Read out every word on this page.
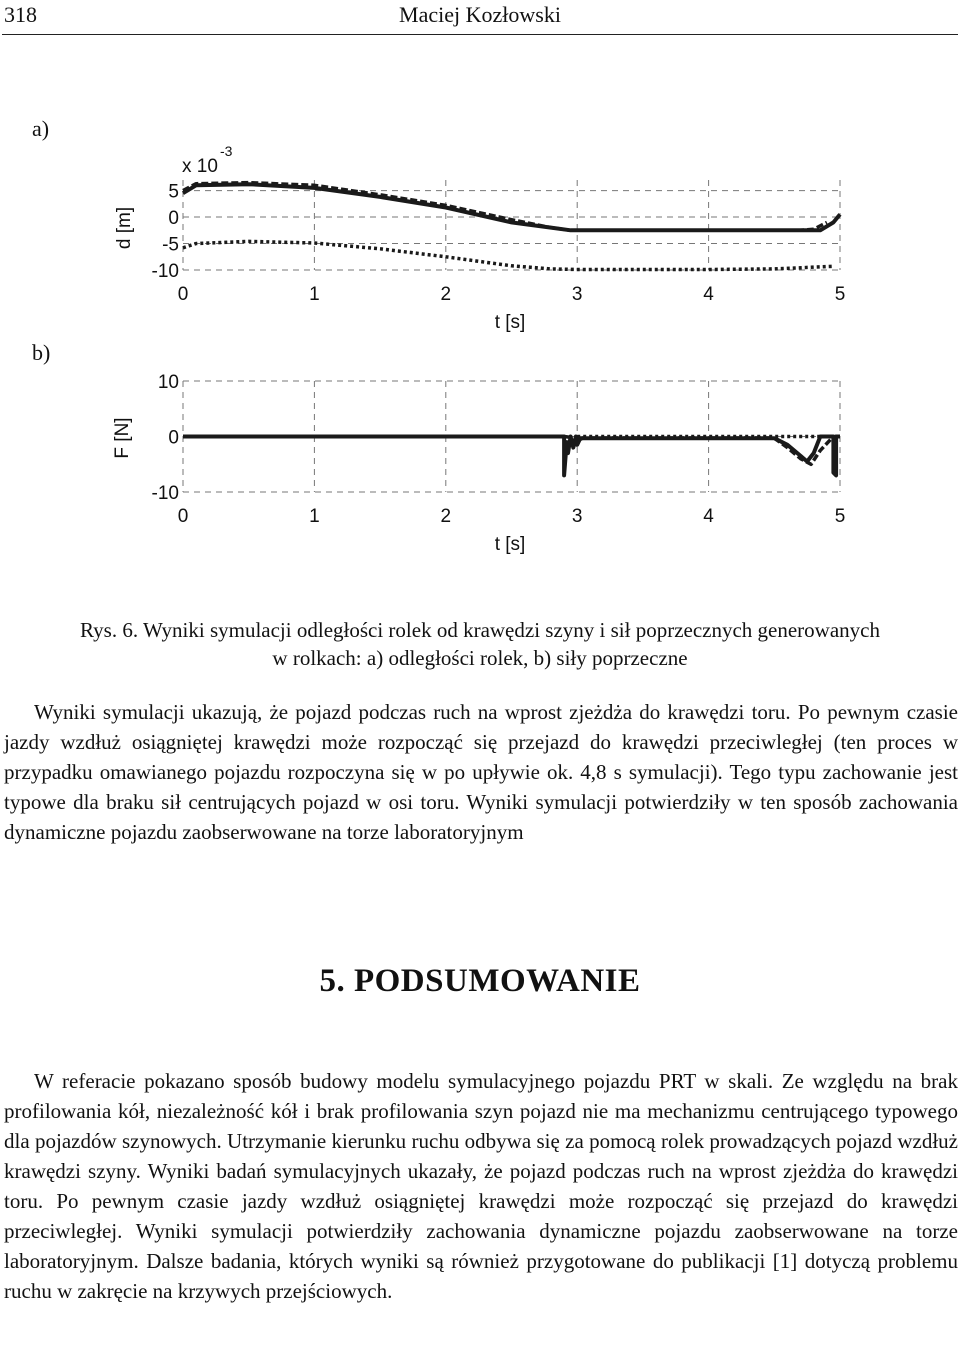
318	Maciej Kozłowski
a)
b)
0	1	2	3	4	5
5
0
-5
-10
x 10
-3
d [m]
t [s]
0	1	2	3	4	5
10
0
-10
F [N]
t [s]
Rys. 6. Wyniki symulacji odległości rolek od krawędzi szyny i sił poprzecznych generowanych
w rolkach: a) odległości rolek, b) siły poprzeczne
Wyniki symulacji ukazują, że pojazd podczas ruch na wprost zjeżdża do krawędzi toru. Po pewnym czasie jazdy wzdłuż osiągniętej krawędzi może rozpocząć się przejazd do krawędzi przeciwległej (ten proces w przypadku omawianego pojazdu rozpoczyna się w po upływie ok. 4,8 s symulacji). Tego typu zachowanie jest typowe dla braku sił centrujących pojazd w osi toru. Wyniki symulacji potwierdziły w ten sposób zachowania dynamiczne pojazdu zaobserwowane na torze laboratoryjnym
5. PODSUMOWANIE
W referacie pokazano sposób budowy modelu symulacyjnego pojazdu PRT w skali. Ze względu na brak profilowania kół, niezależność kół i brak profilowania szyn pojazd nie ma mechanizmu centrującego typowego dla pojazdów szynowych. Utrzymanie kierunku ruchu odbywa się za pomocą rolek prowadzących pojazd wzdłuż krawędzi szyny. Wyniki badań symulacyjnych ukazały, że pojazd podczas ruch na wprost zjeżdża do krawędzi toru. Po pewnym czasie jazdy wzdłuż osiągniętej krawędzi może rozpocząć się przejazd do krawędzi przeciwległej. Wyniki symulacji potwierdziły zachowania dynamiczne pojazdu zaobserwowane na torze laboratoryjnym. Dalsze badania, których wyniki są również przygotowane do publikacji [1] dotyczą problemu ruchu w zakręcie na krzywych przejściowych.
